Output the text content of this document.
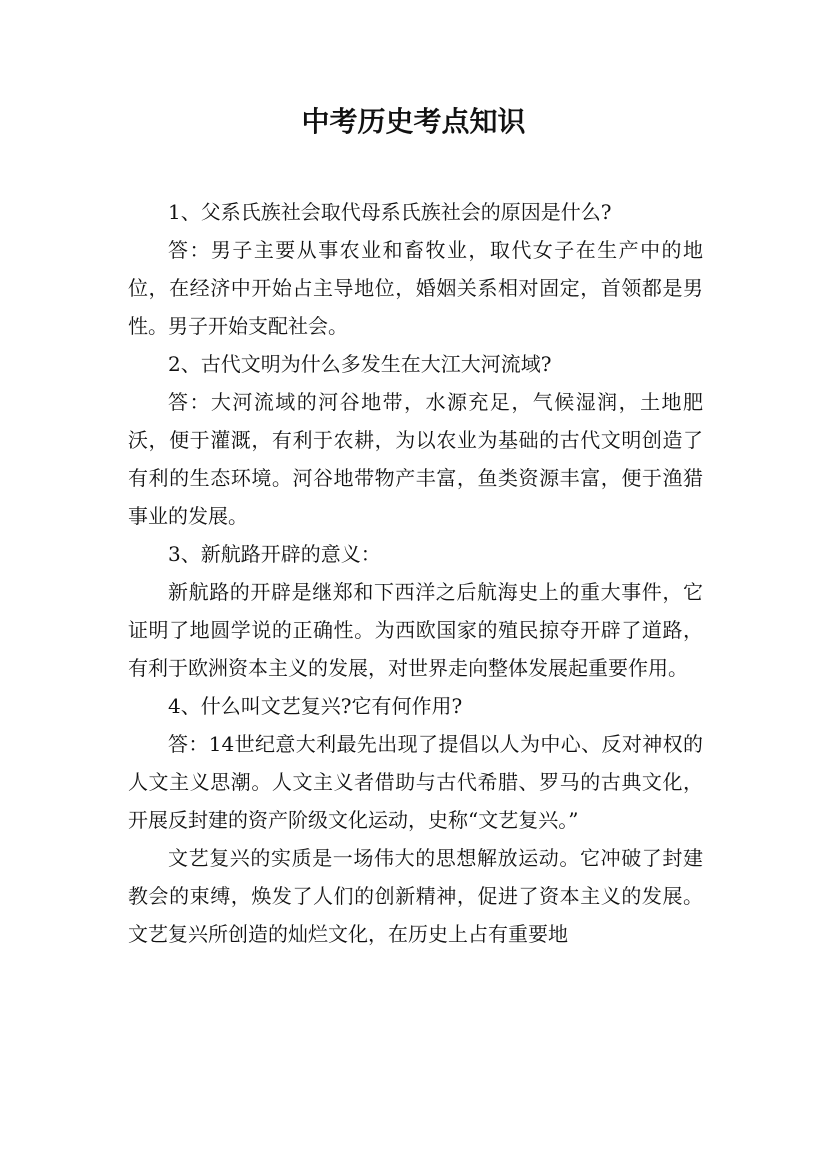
中考历史考点知识

1、父系氏族社会取代母系氏族社会的原因是什么?

答：男子主要从事农业和畜牧业，取代女子在生产中的地位，在经济中开始占主导地位，婚姻关系相对固定，首领都是男性。男子开始支配社会。

2、古代文明为什么多发生在大江大河流域?

答：大河流域的河谷地带，水源充足，气候湿润，土地肥沃，便于灌溉，有利于农耕，为以农业为基础的古代文明创造了有利的生态环境。河谷地带物产丰富，鱼类资源丰富，便于渔猎事业的发展。

3、新航路开辟的意义：

新航路的开辟是继郑和下西洋之后航海史上的重大事件，它证明了地圆学说的正确性。为西欧国家的殖民掠夺开辟了道路，有利于欧洲资本主义的发展，对世界走向整体发展起重要作用。

4、什么叫文艺复兴?它有何作用?

答：14世纪意大利最先出现了提倡以人为中心、反对神权的人文主义思潮。人文主义者借助与古代希腊、罗马的古典文化，开展反封建的资产阶级文化运动，史称“文艺复兴。”

文艺复兴的实质是一场伟大的思想解放运动。它冲破了封建教会的束缚，焕发了人们的创新精神，促进了资本主义的发展。文艺复兴所创造的灿烂文化，在历史上占有重要地
